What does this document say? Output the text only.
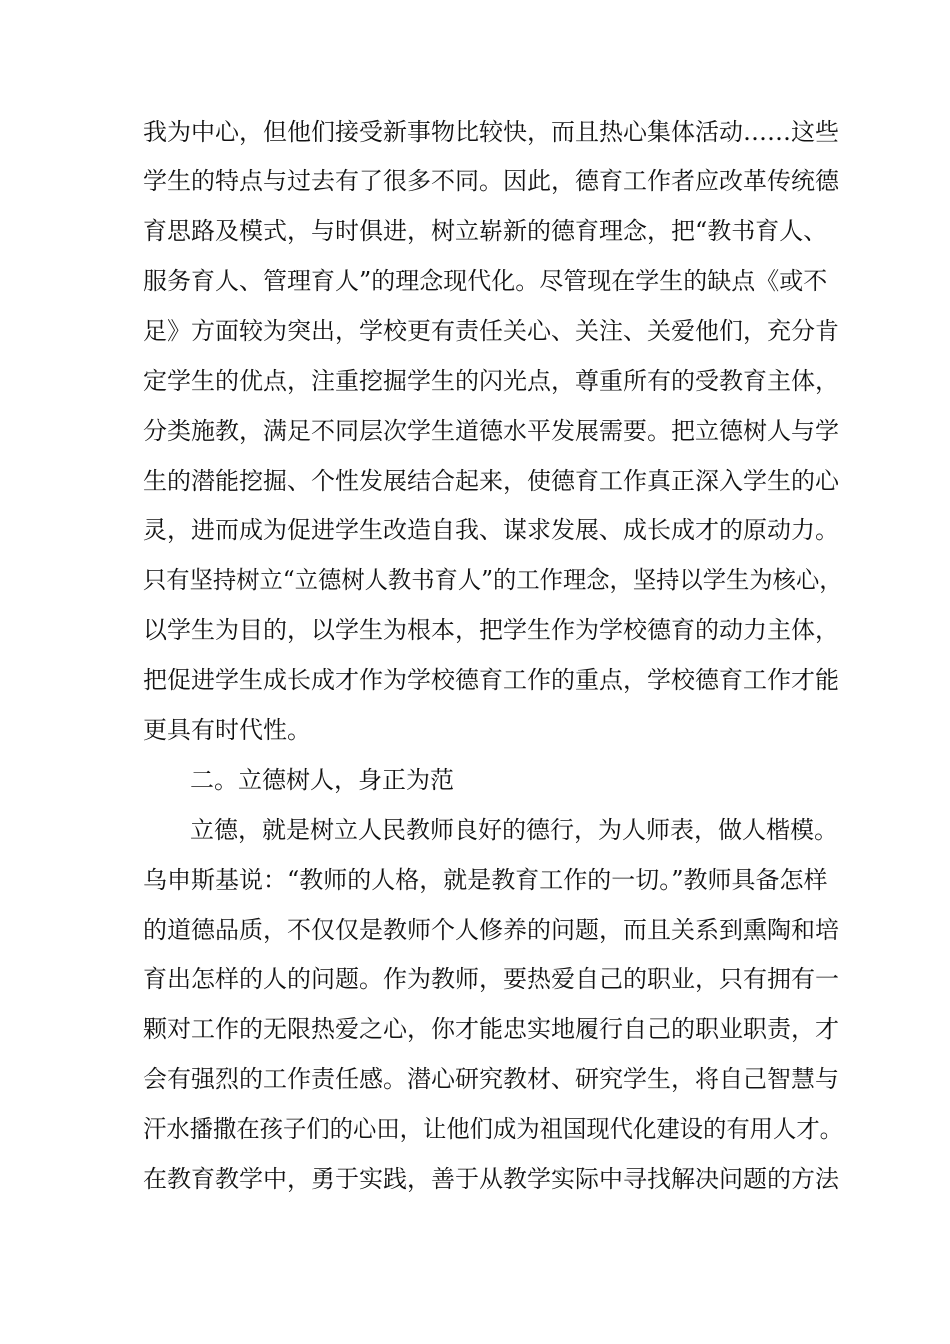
我为中心，但他们接受新事物比较快，而且热心集体活动……这些
学生的特点与过去有了很多不同。因此，德育工作者应改革传统德
育思路及模式，与时俱进，树立崭新的德育理念，把“教书育人、
服务育人、管理育人”的理念现代化。尽管现在学生的缺点《或不
足》方面较为突出，学校更有责任关心、关注、关爱他们，充分肯
定学生的优点，注重挖掘学生的闪光点，尊重所有的受教育主体，
分类施教，满足不同层次学生道德水平发展需要。把立德树人与学
生的潜能挖掘、个性发展结合起来，使德育工作真正深入学生的心
灵，进而成为促进学生改造自我、谋求发展、成长成才的原动力。
只有坚持树立“立德树人教书育人”的工作理念，坚持以学生为核心，
以学生为目的，以学生为根本，把学生作为学校德育的动力主体，
把促进学生成长成才作为学校德育工作的重点，学校德育工作才能
更具有时代性。
二。立德树人，身正为范
立德，就是树立人民教师良好的德行，为人师表，做人楷模。
乌申斯基说：“教师的人格，就是教育工作的一切。”教师具备怎样
的道德品质，不仅仅是教师个人修养的问题，而且关系到熏陶和培
育出怎样的人的问题。作为教师，要热爱自己的职业，只有拥有一
颗对工作的无限热爱之心，你才能忠实地履行自己的职业职责，才
会有强烈的工作责任感。潜心研究教材、研究学生，将自己智慧与
汗水播撒在孩子们的心田，让他们成为祖国现代化建设的有用人才。
在教育教学中，勇于实践，善于从教学实际中寻找解决问题的方法
